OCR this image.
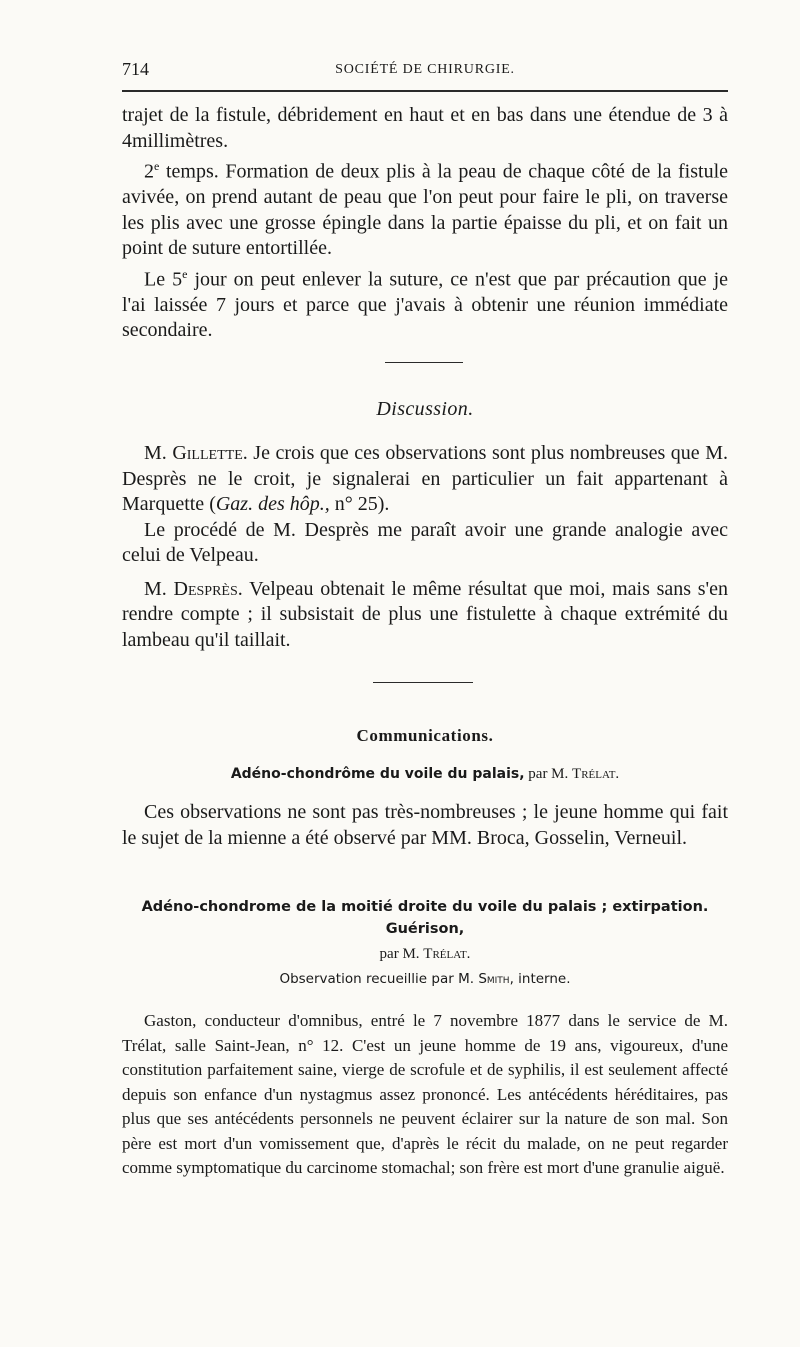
714	SOCIÉTÉ DE CHIRURGIE.

trajet de la fistule, débridement en haut et en bas dans une étendue de 3 à 4millimètres.

2e temps. Formation de deux plis à la peau de chaque côté de la fistule avivée, on prend autant de peau que l'on peut pour faire le pli, on traverse les plis avec une grosse épingle dans la partie épaisse du pli, et on fait un point de suture entortillée.

Le 5e jour on peut enlever la suture, ce n'est que par précaution que je l'ai laissée 7 jours et parce que j'avais à obtenir une réunion immédiate secondaire.

Discussion.

M. Gillette. Je crois que ces observations sont plus nombreuses que M. Desprès ne le croit, je signalerai en particulier un fait appartenant à Marquette (Gaz. des hôp., n° 25).

Le procédé de M. Desprès me paraît avoir une grande analogie avec celui de Velpeau.

M. Desprès. Velpeau obtenait le même résultat que moi, mais sans s'en rendre compte ; il subsistait de plus une fistulette à chaque extrémité du lambeau qu'il taillait.

Communications.
Adéno-chondrôme du voile du palais, par M. Trélat.

Ces observations ne sont pas très-nombreuses ; le jeune homme qui fait le sujet de la mienne a été observé par MM. Broca, Gosselin, Verneuil.

Adéno-chondrome de la moitié droite du voile du palais ; extirpation.
Guérison,
par M. Trélat.
Observation recueillie par M. Smith, interne.

Gaston, conducteur d'omnibus, entré le 7 novembre 1877 dans le service de M. Trélat, salle Saint-Jean, n° 12. C'est un jeune homme de 19 ans, vigoureux, d'une constitution parfaitement saine, vierge de scrofule et de syphilis, il est seulement affecté depuis son enfance d'un nystagmus assez prononcé. Les antécédents héréditaires, pas plus que ses antécédents personnels ne peuvent éclairer sur la nature de son mal. Son père est mort d'un vomissement que, d'après le récit du malade, on ne peut regarder comme symptomatique du carcinome stomachal; son frère est mort d'une granulie aiguë.
